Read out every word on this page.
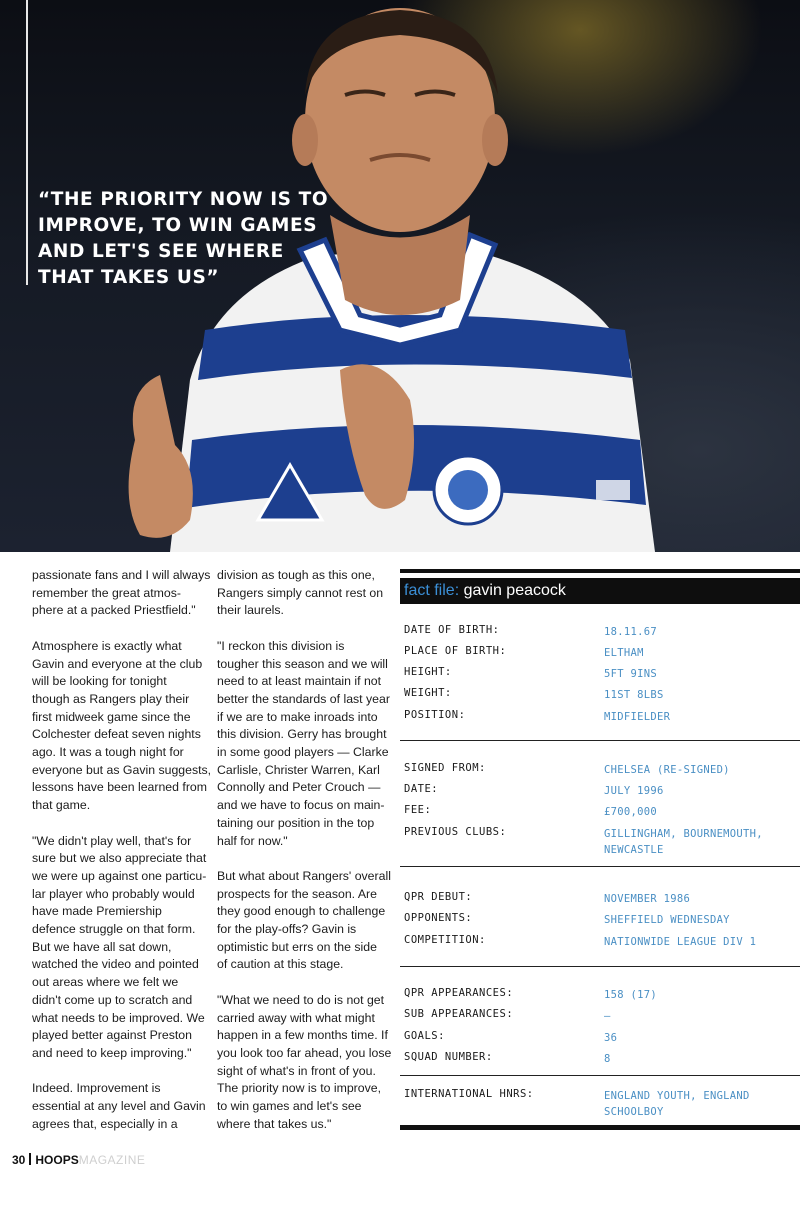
“THE PRIORITY NOW IS TO
IMPROVE, TO WIN GAMES
AND LET'S SEE WHERE
THAT TAKES US”

passionate fans and I will always
remember the great atmos-
phere at a packed Priestfield."

Atmosphere is exactly what
Gavin and everyone at the club
will be looking for tonight
though as Rangers play their
first midweek game since the
Colchester defeat seven nights
ago. It was a tough night for
everyone but as Gavin suggests,
lessons have been learned from
that game.

"We didn't play well, that's for
sure but we also appreciate that
we were up against one particu-
lar player who probably would
have made Premiership
defence struggle on that form.
But we have all sat down,
watched the video and pointed
out areas where we felt we
didn't come up to scratch and
what needs to be improved. We
played better against Preston
and need to keep improving."

Indeed. Improvement is
essential at any level and Gavin
agrees that, especially in a

division as tough as this one,
Rangers simply cannot rest on
their laurels.

"I reckon this division is
tougher this season and we will
need to at least maintain if not
better the standards of last year
if we are to make inroads into
this division. Gerry has brought
in some good players — Clarke
Carlisle, Christer Warren, Karl
Connolly and Peter Crouch —
and we have to focus on main-
taining our position in the top
half for now."

But what about Rangers' overall
prospects for the season. Are
they good enough to challenge
for the play-offs? Gavin is
optimistic but errs on the side
of caution at this stage.

"What we need to do is not get
carried away with what might
happen in a few months time. If
you look too far ahead, you lose
sight of what's in front of you.
The priority now is to improve,
to win games and let's see
where that takes us."

fact file: gavin peacock
DATE OF BIRTH:	18.11.67
PLACE OF BIRTH:	ELTHAM
HEIGHT:	5FT 9INS
WEIGHT:	11ST 8LBS
POSITION:	MIDFIELDER
SIGNED FROM:	CHELSEA (RE-SIGNED)
DATE:	JULY 1996
FEE:	£700,000
PREVIOUS CLUBS:	GILLINGHAM, BOURNEMOUTH,
NEWCASTLE
QPR DEBUT:	NOVEMBER 1986
OPPONENTS:	SHEFFIELD WEDNESDAY
COMPETITION:	NATIONWIDE LEAGUE DIV 1
QPR APPEARANCES:	158 (17)
SUB APPEARANCES:	–
GOALS:	36
SQUAD NUMBER:	8
INTERNATIONAL HNRS:	ENGLAND YOUTH, ENGLAND
SCHOOLBOY
30 HOOPSMAGAZINE
